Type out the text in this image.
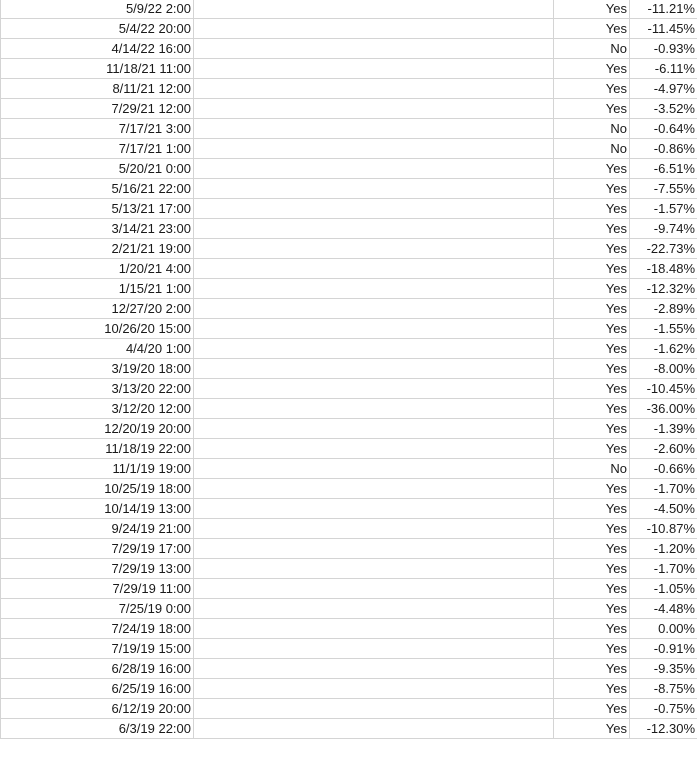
5/9/22 2:00		Yes	-11.21%
5/4/22 20:00		Yes	-11.45%
4/14/22 16:00		No	-0.93%
11/18/21 11:00		Yes	-6.11%
8/11/21 12:00		Yes	-4.97%
7/29/21 12:00		Yes	-3.52%
7/17/21 3:00		No	-0.64%
7/17/21 1:00		No	-0.86%
5/20/21 0:00		Yes	-6.51%
5/16/21 22:00		Yes	-7.55%
5/13/21 17:00		Yes	-1.57%
3/14/21 23:00		Yes	-9.74%
2/21/21 19:00		Yes	-22.73%
1/20/21 4:00		Yes	-18.48%
1/15/21 1:00		Yes	-12.32%
12/27/20 2:00		Yes	-2.89%
10/26/20 15:00		Yes	-1.55%
4/4/20 1:00		Yes	-1.62%
3/19/20 18:00		Yes	-8.00%
3/13/20 22:00		Yes	-10.45%
3/12/20 12:00		Yes	-36.00%
12/20/19 20:00		Yes	-1.39%
11/18/19 22:00		Yes	-2.60%
11/1/19 19:00		No	-0.66%
10/25/19 18:00		Yes	-1.70%
10/14/19 13:00		Yes	-4.50%
9/24/19 21:00		Yes	-10.87%
7/29/19 17:00		Yes	-1.20%
7/29/19 13:00		Yes	-1.70%
7/29/19 11:00		Yes	-1.05%
7/25/19 0:00		Yes	-4.48%
7/24/19 18:00		Yes	0.00%
7/19/19 15:00		Yes	-0.91%
6/28/19 16:00		Yes	-9.35%
6/25/19 16:00		Yes	-8.75%
6/12/19 20:00		Yes	-0.75%
6/3/19 22:00		Yes	-12.30%
